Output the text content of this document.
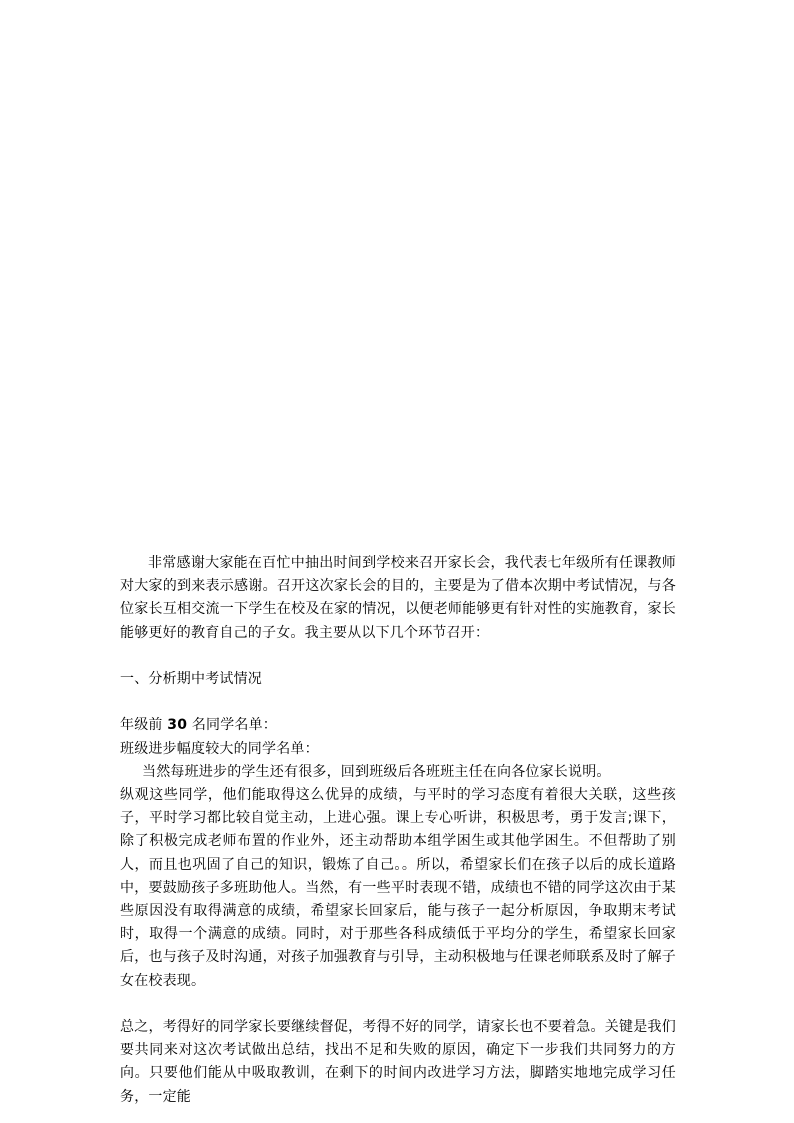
非常感谢大家能在百忙中抽出时间到学校来召开家长会，我代表七年级所有任课教师对大家的到来表示感谢。召开这次家长会的目的，主要是为了借本次期中考试情况，与各位家长互相交流一下学生在校及在家的情况，以便老师能够更有针对性的实施教育，家长能够更好的教育自己的子女。我主要从以下几个环节召开：

一、分析期中考试情况

年级前 30 名同学名单：

班级进步幅度较大的同学名单：

当然每班进步的学生还有很多，回到班级后各班班主任在向各位家长说明。

纵观这些同学，他们能取得这么优异的成绩，与平时的学习态度有着很大关联，这些孩子，平时学习都比较自觉主动，上进心强。课上专心听讲，积极思考，勇于发言;课下，除了积极完成老师布置的作业外，还主动帮助本组学困生或其他学困生。不但帮助了别人，而且也巩固了自己的知识，锻炼了自己。。所以，希望家长们在孩子以后的成长道路中，要鼓励孩子多班助他人。当然，有一些平时表现不错，成绩也不错的同学这次由于某些原因没有取得满意的成绩，希望家长回家后，能与孩子一起分析原因，争取期末考试时，取得一个满意的成绩。同时，对于那些各科成绩低于平均分的学生，希望家长回家后，也与孩子及时沟通，对孩子加强教育与引导，主动积极地与任课老师联系及时了解子女在校表现。

总之，考得好的同学家长要继续督促，考得不好的同学，请家长也不要着急。关键是我们要共同来对这次考试做出总结，找出不足和失败的原因，确定下一步我们共同努力的方向。只要他们能从中吸取教训，在剩下的时间内改进学习方法，脚踏实地地完成学习任务，一定能
